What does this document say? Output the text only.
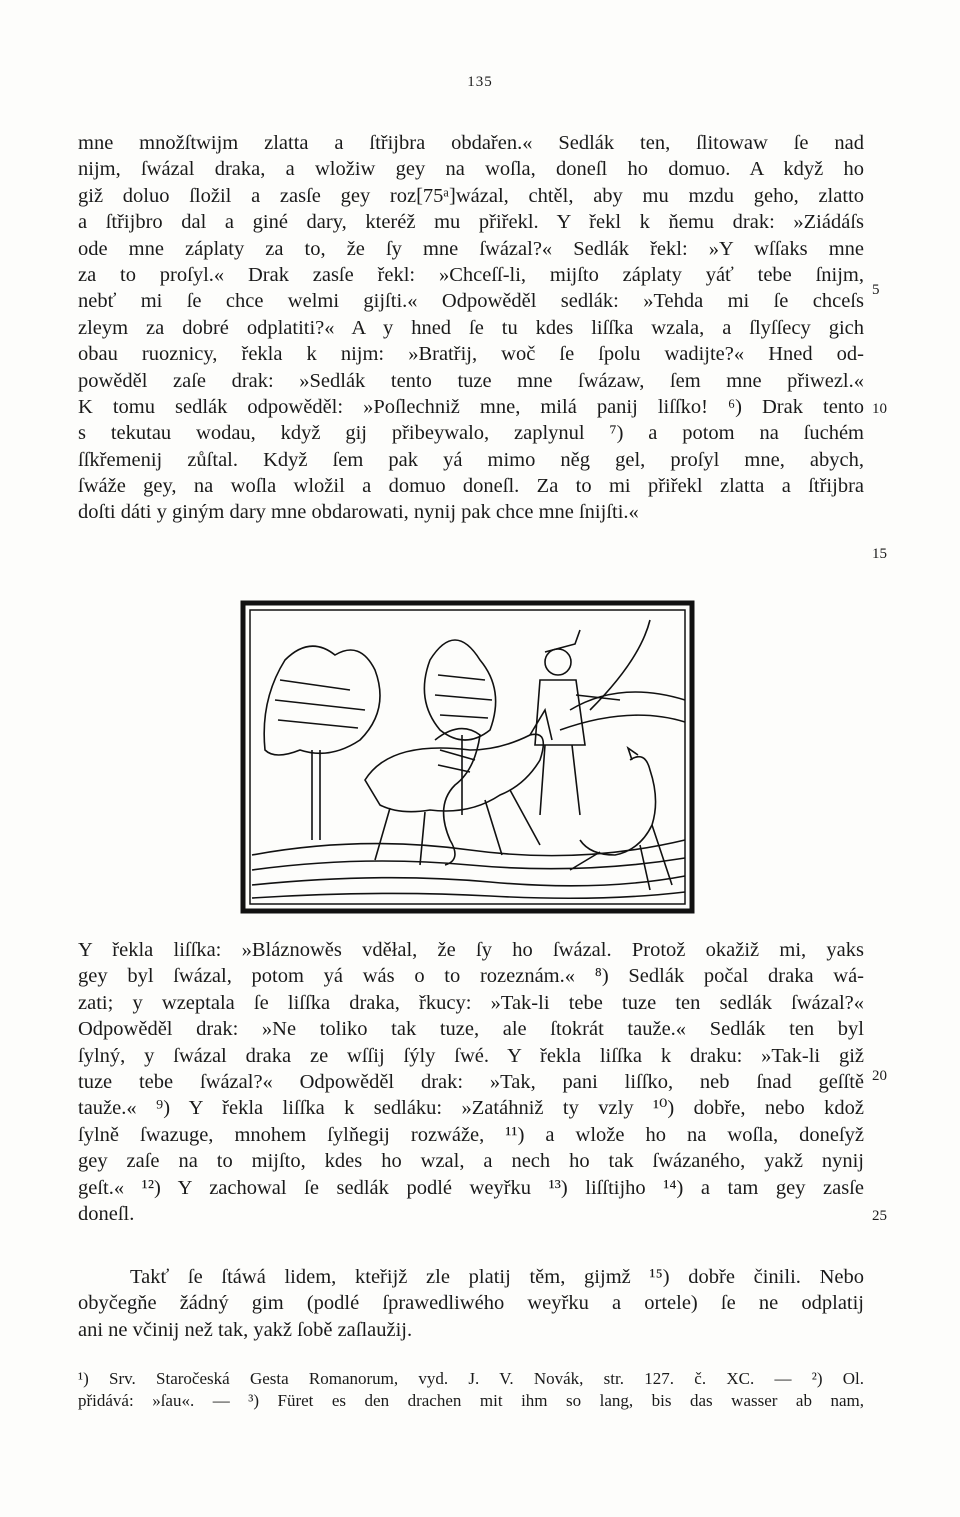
135
mne množſtwijm zlatta a ſtřijbra obdařen.« Sedlák ten, ſlitowaw ſe nad
nijm, ſwázal draka, a wložiw gey na woſla, doneſl ho domuo. A když ho
giž doluo ſložil a zasſe gey roz[75ᵃ]wázal, chtěl, aby mu mzdu geho, zlatto
a ſtřijbro dal a giné dary, kteréž mu přiřekl. Y řekl k ňemu drak: »Ziádáſs
ode mne záplaty za to, že ſy mne ſwázal?« Sedlák řekl: »Y wſſaks mne
za to proſyl.« Drak zasſe řekl: »Chceſſ-li, mijſto záplaty yáť tebe ſnijm,
nebť mi ſe chce welmi gijſti.« Odpowěděl sedlák: »Tehda mi ſe chceſs
zleym za dobré odplatiti?« A y hned ſe tu kdes liſſka wzala, a ſlyſſecy gich
obau ruoznicy, řekla k nijm: »Bratřij, woč ſe ſpolu wadijte?« Hned od-
powěděl zaſe drak: »Sedlák tento tuze mne ſwázaw, ſem mne přiwezl.«
K tomu sedlák odpowěděl: »Poſlechniž mne, milá panij liſſko! ⁶) Drak tento
s tekutau wodau, když gij přibeywalo, zaplynul ⁷) a potom na ſuchém
ſſkřemenij zůſtal. Když ſem pak yá mimo něg gel, proſyl mne, abych,
ſwáže gey, na woſla wložil a domuo doneſl. Za to mi přiřekl zlatta a ſtřijbra
doſti dáti y giným dary mne obdarowati, nynij pak chce mne ſnijſti.«
5
10
15
Y řekla liſſka: »Bláznowěs vděłal, že ſy ho ſwázal. Protož okažiž mi, yaks
gey byl ſwázal, potom yá wás o to rozeznám.« ⁸) Sedlák počal draka wá-
zati; y wzeptala ſe liſſka draka, řkucy: »Tak-li tebe tuze ten sedlák ſwázal?«
Odpowěděl drak: »Ne toliko tak tuze, ale ſtokrát tauže.« Sedlák ten byl
ſylný, y ſwázal draka ze wſſij ſýly ſwé. Y řekla liſſka k draku: »Tak-li giž
tuze tebe ſwázal?« Odpowěděl drak: »Tak, pani liſſko, neb ſnad geſſtě
tauže.« ⁹) Y řekla liſſka k sedláku: »Zatáhniž ty vzly ¹⁰) dobře, nebo kdož
ſylně ſwazuge, mnohem ſylňegij rozwáže, ¹¹) a wlože ho na woſla, doneſyž
gey zaſe na to mijſto, kdes ho wzal, a nech ho tak ſwázaného, yakž nynij
geſt.« ¹²) Y zachowal ſe sedlák podlé weyřku ¹³) liſſtijho ¹⁴) a tam gey zasſe
doneſl.
20
25
Takť ſe ſtáwá lidem, kteřijž zle platij těm, gijmž ¹⁵) dobře činili. Nebo
obyčegňe žádný gim (podlé ſprawedliwého weyřku a ortele) ſe ne odplatij
ani ne včinij než tak, yakž ſobě zaſlaužij.
¹) Srv. Staročeská Gesta Romanorum, vyd. J. V. Novák, str. 127. č. XC. — ²) Ol.
přidává: »ſau«. — ³) Füret es den drachen mit ihm so lang, bis das wasser ab nam,
